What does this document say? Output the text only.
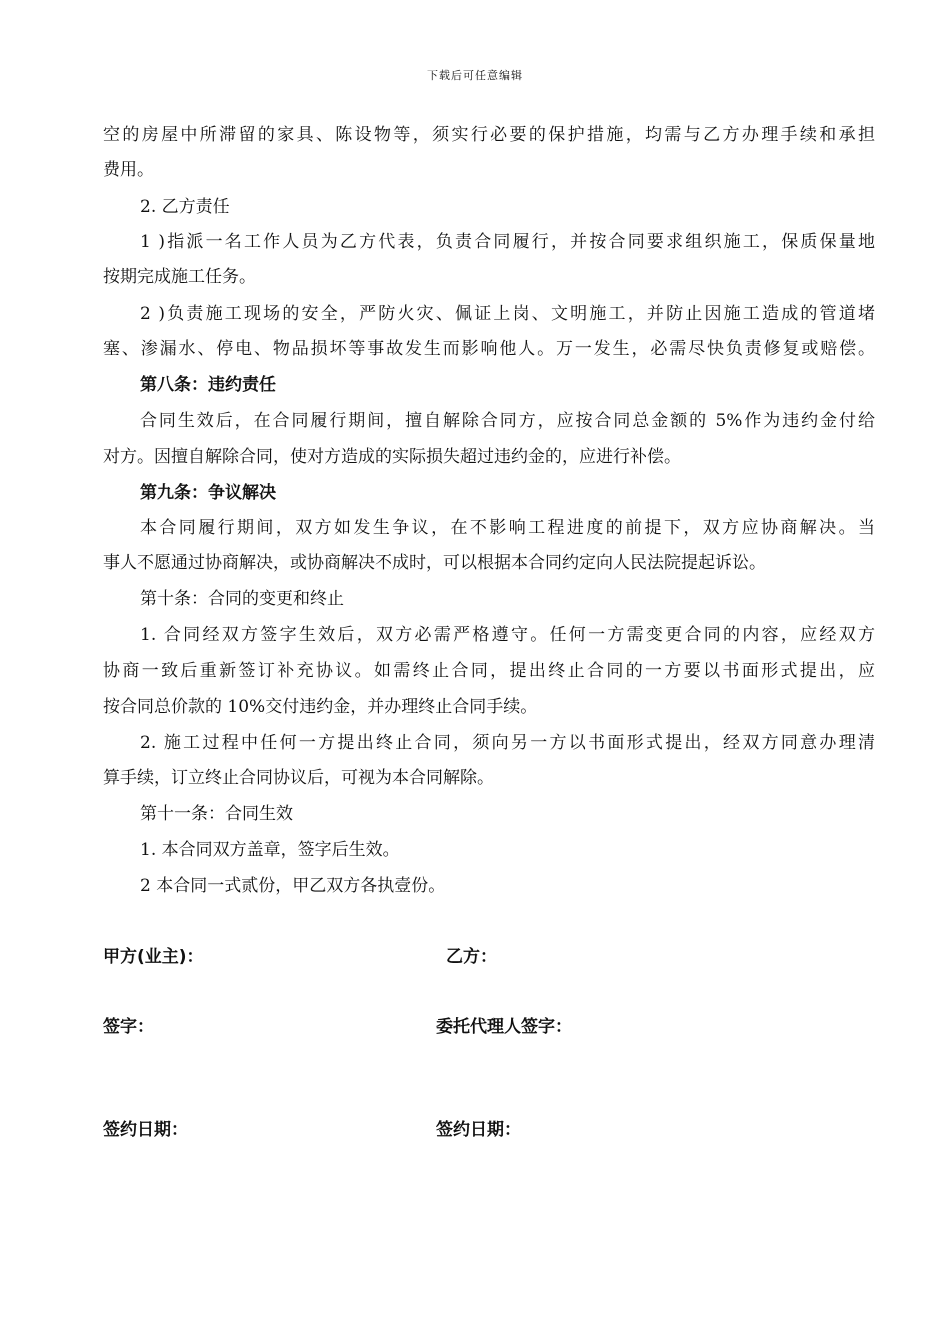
下载后可任意编辑
空的房屋中所滞留的家具、陈设物等，须实行必要的保护措施，均需与乙方办理手续和承担
费用。
2. 乙方责任
1 )指派一名工作人员为乙方代表，负责合同履行，并按合同要求组织施工，保质保量地
按期完成施工任务。
2 )负责施工现场的安全，严防火灾、佩证上岗、文明施工，并防止因施工造成的管道堵
塞、渗漏水、停电、物品损坏等事故发生而影响他人。万一发生，必需尽快负责修复或赔偿。
第八条：违约责任
合同生效后，在合同履行期间，擅自解除合同方，应按合同总金额的 5%作为违约金付给
对方。因擅自解除合同，使对方造成的实际损失超过违约金的，应进行补偿。
第九条：争议解决
本合同履行期间，双方如发生争议，在不影响工程进度的前提下，双方应协商解决。当
事人不愿通过协商解决，或协商解决不成时，可以根据本合同约定向人民法院提起诉讼。
第十条：合同的变更和终止
1. 合同经双方签字生效后，双方必需严格遵守。任何一方需变更合同的内容，应经双方
协商一致后重新签订补充协议。如需终止合同，提出终止合同的一方要以书面形式提出，应
按合同总价款的 10%交付违约金，并办理终止合同手续。
2. 施工过程中任何一方提出终止合同，须向另一方以书面形式提出，经双方同意办理清
算手续，订立终止合同协议后，可视为本合同解除。
第十一条：合同生效
1. 本合同双方盖章，签字后生效。
2 本合同一式贰份，甲乙双方各执壹份。
甲方(业主)：	乙方：
签字：	委托代理人签字：
签约日期：	签约日期：
